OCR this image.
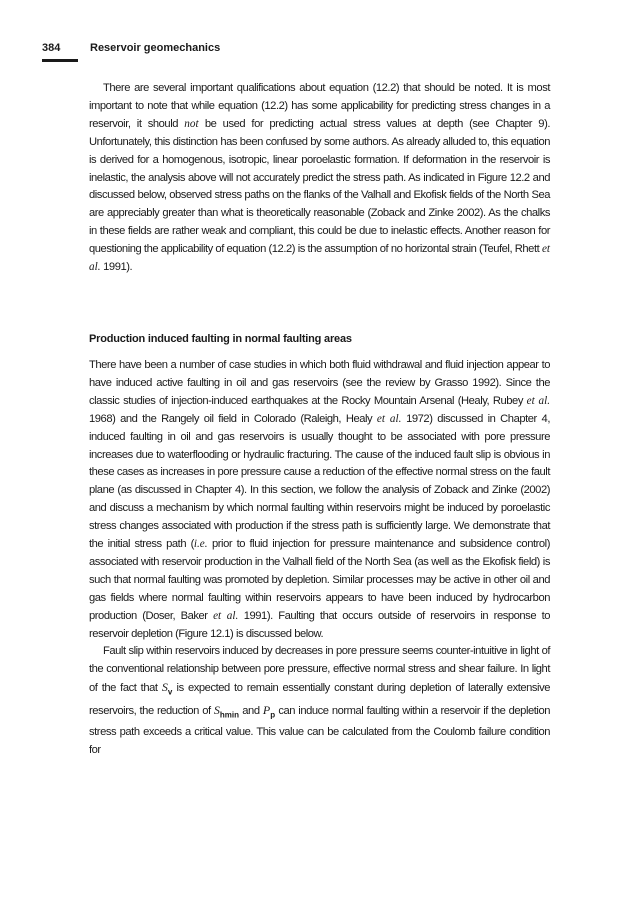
384	Reservoir geomechanics

There are several important qualifications about equation (12.2) that should be noted. It is most important to note that while equation (12.2) has some applicability for predicting stress changes in a reservoir, it should not be used for predicting actual stress values at depth (see Chapter 9). Unfortunately, this distinction has been confused by some authors. As already alluded to, this equation is derived for a homogenous, isotropic, linear poroelastic formation. If deformation in the reservoir is inelastic, the analysis above will not accurately predict the stress path. As indicated in Figure 12.2 and discussed below, observed stress paths on the flanks of the Valhall and Ekofisk fields of the North Sea are appreciably greater than what is theoretically reasonable (Zoback and Zinke 2002). As the chalks in these fields are rather weak and compliant, this could be due to inelastic effects. Another reason for questioning the applicability of equation (12.2) is the assumption of no horizontal strain (Teufel, Rhett et al. 1991).

Production induced faulting in normal faulting areas

There have been a number of case studies in which both fluid withdrawal and fluid injection appear to have induced active faulting in oil and gas reservoirs (see the review by Grasso 1992). Since the classic studies of injection-induced earthquakes at the Rocky Mountain Arsenal (Healy, Rubey et al. 1968) and the Rangely oil field in Colorado (Raleigh, Healy et al. 1972) discussed in Chapter 4, induced faulting in oil and gas reservoirs is usually thought to be associated with pore pressure increases due to waterflooding or hydraulic fracturing. The cause of the induced fault slip is obvious in these cases as increases in pore pressure cause a reduction of the effective normal stress on the fault plane (as discussed in Chapter 4). In this section, we follow the analysis of Zoback and Zinke (2002) and discuss a mechanism by which normal faulting within reservoirs might be induced by poroelastic stress changes associated with production if the stress path is sufficiently large. We demonstrate that the initial stress path (i.e. prior to fluid injection for pressure maintenance and subsidence control) associated with reservoir production in the Valhall field of the North Sea (as well as the Ekofisk field) is such that normal faulting was promoted by depletion. Similar processes may be active in other oil and gas fields where normal faulting within reservoirs appears to have been induced by hydrocarbon production (Doser, Baker et al. 1991). Faulting that occurs outside of reservoirs in response to reservoir depletion (Figure 12.1) is discussed below.

Fault slip within reservoirs induced by decreases in pore pressure seems counter-intuitive in light of the conventional relationship between pore pressure, effective normal stress and shear failure. In light of the fact that $S_v$ is expected to remain essentially constant during depletion of laterally extensive reservoirs, the reduction of $S_{hmin}$ and $P_p$ can induce normal faulting within a reservoir if the depletion stress path exceeds a critical value. This value can be calculated from the Coulomb failure condition for
